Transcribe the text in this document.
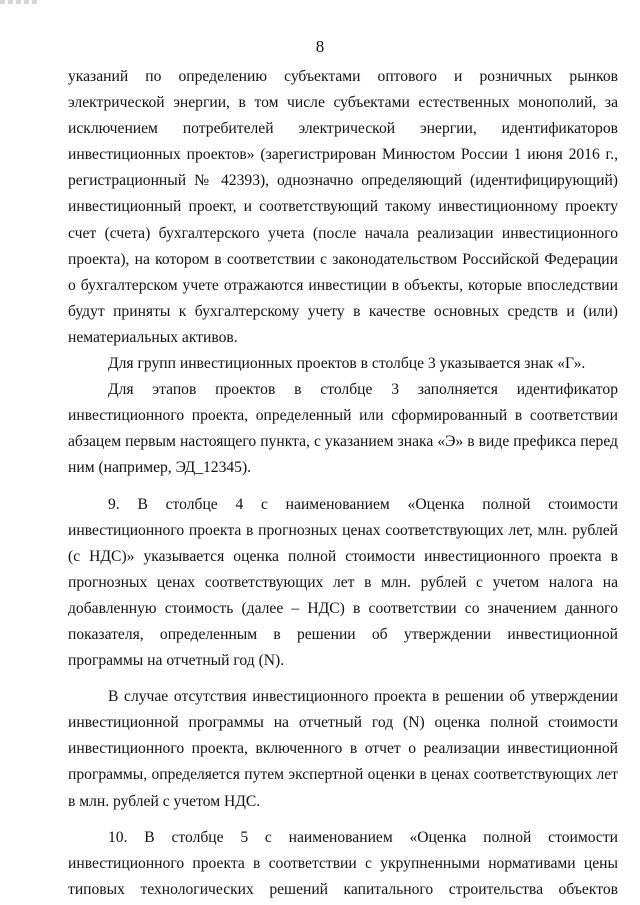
8

указаний по определению субъектами оптового и розничных рынков электрической энергии, в том числе субъектами естественных монополий, за исключением потребителей электрической энергии, идентификаторов инвестиционных проектов» (зарегистрирован Минюстом России 1 июня 2016 г., регистрационный № 42393), однозначно определяющий (идентифицирующий) инвестиционный проект, и соответствующий такому инвестиционному проекту счет (счета) бухгалтерского учета (после начала реализации инвестиционного проекта), на котором в соответствии с законодательством Российской Федерации о бухгалтерском учете отражаются инвестиции в объекты, которые впоследствии будут приняты к бухгалтерскому учету в качестве основных средств и (или) нематериальных активов.

Для групп инвестиционных проектов в столбце 3 указывается знак «Г».

Для этапов проектов в столбце 3 заполняется идентификатор инвестиционного проекта, определенный или сформированный в соответствии абзацем первым настоящего пункта, с указанием знака «Э» в виде префикса перед ним (например, ЭД_12345).

9. В столбце 4 с наименованием «Оценка полной стоимости инвестиционного проекта в прогнозных ценах соответствующих лет, млн. рублей (с НДС)» указывается оценка полной стоимости инвестиционного проекта в прогнозных ценах соответствующих лет в млн. рублей с учетом налога на добавленную стоимость (далее – НДС) в соответствии со значением данного показателя, определенным в решении об утверждении инвестиционной программы на отчетный год (N).

В случае отсутствия инвестиционного проекта в решении об утверждении инвестиционной программы на отчетный год (N) оценка полной стоимости инвестиционного проекта, включенного в отчет о реализации инвестиционной программы, определяется путем экспертной оценки в ценах соответствующих лет в млн. рублей с учетом НДС.

10. В столбце 5 с наименованием «Оценка полной стоимости инвестиционного проекта в соответствии с укрупненными нормативами цены типовых технологических решений капитального строительства объектов
